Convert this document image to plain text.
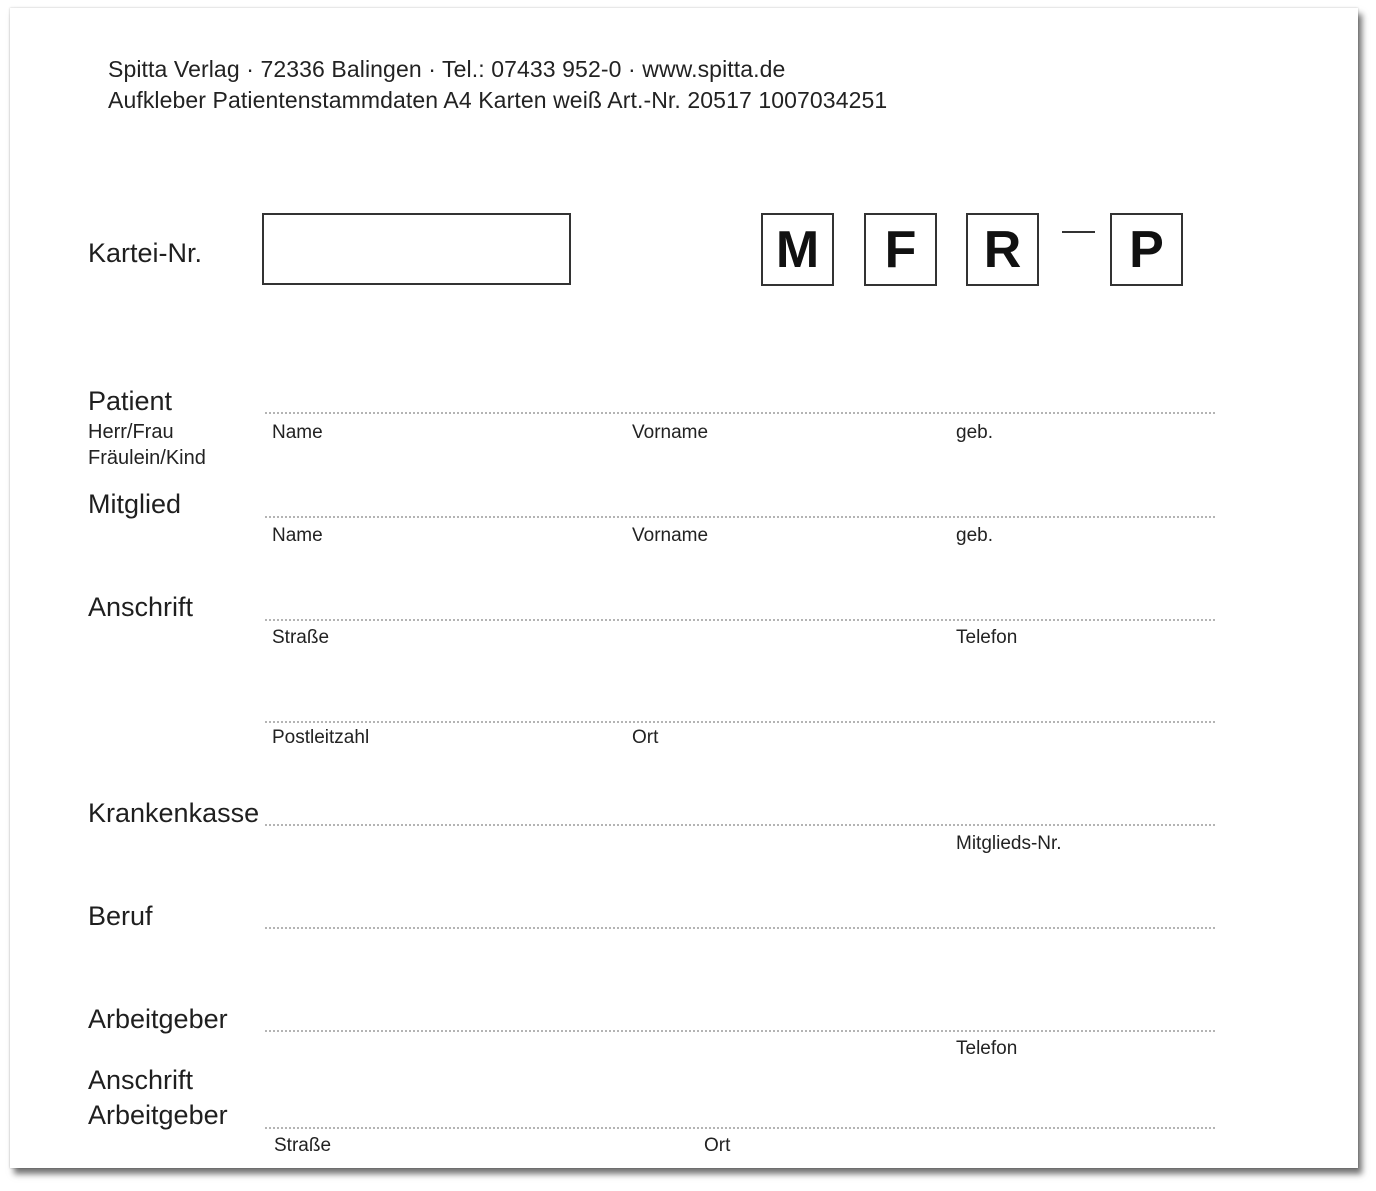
Spitta Verlag · 72336 Balingen · Tel.: 07433 952-0 · www.spitta.de
Aufkleber Patientenstammdaten A4 Karten weiß Art.-Nr. 20517 1007034251
Kartei-Nr.	M	F	R	P
Patient
Herr/Frau
Fräulein/Kind
Name	Vorname	geb.
Mitglied
Name	Vorname	geb.
Anschrift
Straße	Telefon
Postleitzahl	Ort
Krankenkasse
Mitglieds-Nr.
Beruf
Arbeitgeber
Telefon
Anschrift
Arbeitgeber
Straße	Ort
